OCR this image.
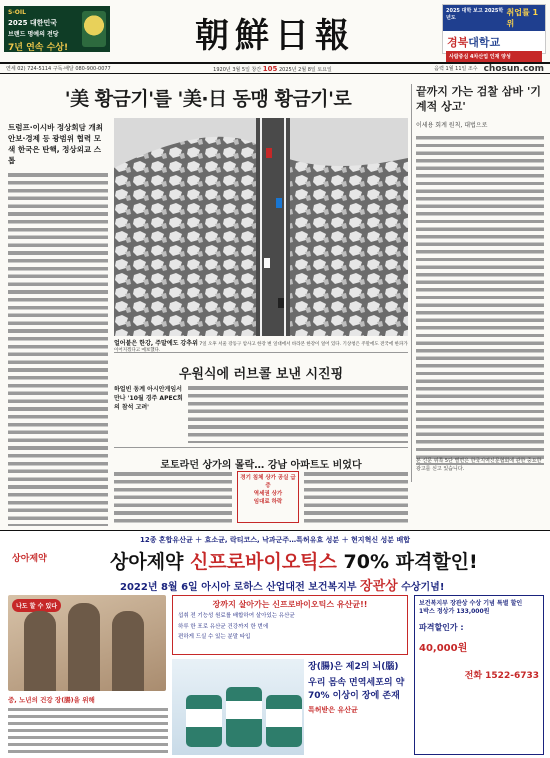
S-OIL
2025 대한민국
브랜드 명예의 전당
7년 연속 수상!	朝鮮日報
2025 대학 보고 2025학년도
취업률 1위
경북대학교
사람중심 4차산업 인재 양성
연세 02) 724-5114 구독·배달 080-900-0077	1920년 3월 5일 창간 105 2025년 2월 8일 토요일	음력 1월 11일 조수 chosun.com
'美 황금기'를 '美·日 동맹 황금기'로
트럼프·이시바 정상회담 개최 안보·경제 등 광범위 협력 모색 한국은 탄핵, 정상외교 스톱
얼어붙은 한강, 주말에도 강추위 7일 오후 서울 강동구 암사고 한강 변 일대에서 바라본 한강이 얼어 있다. 기상청은 주말에도 전국에 한파가 이어지겠다고 예보했다.
끝까지 가는 검찰 삼바 '기계적 상고'
이세용 회계 원칙, 대법으로
우원식에 러브콜 보낸 시진핑
하얼빈 동계 아시안게임서 만나 '10월 경주 APEC회의 참석 고려'
로토라던 상가의 몰락… 강남 아파트도 비었다
경기 침체 상가 공실 급증
역세권 상가
임대료 하락
본 신문 위쪽 5단 별면은 한국지역신문협회에 관한 중요한 광고를 싣고 있습니다.
12종 혼합유산균 ＋ 효소균, 락티코스, 낙과군주…특허유효 성분 ＋ 현지혁신 성분 배합
상아제약	상아제약 신프로바이오틱스 70% 파격할인!
2022년 8월 6일 아시아 로하스 산업대전 보건복지부 장관상 수상기념!
나도 할 수 있다
중, 노년의 건강 장(腸)을 위해
장까지 살아가는 신프로바이오틱스 유산균!!
섭취 전 기능성 원료를 배합하여 살아있는 유산균
하루 한 포로 유산균 건강까지 한 번에
편하게 드실 수 있는 분말 타입
장(腸)은 제2의 뇌(腦)
우리 몸속 면역세포의 약 70% 이상이 장에 존재
특허받은 유산균
보건복지부 장관상 수상 기념 특별 할인
1박스 정상가 133,000원
파격할인가 :
40,000원
전화 1522-6733
